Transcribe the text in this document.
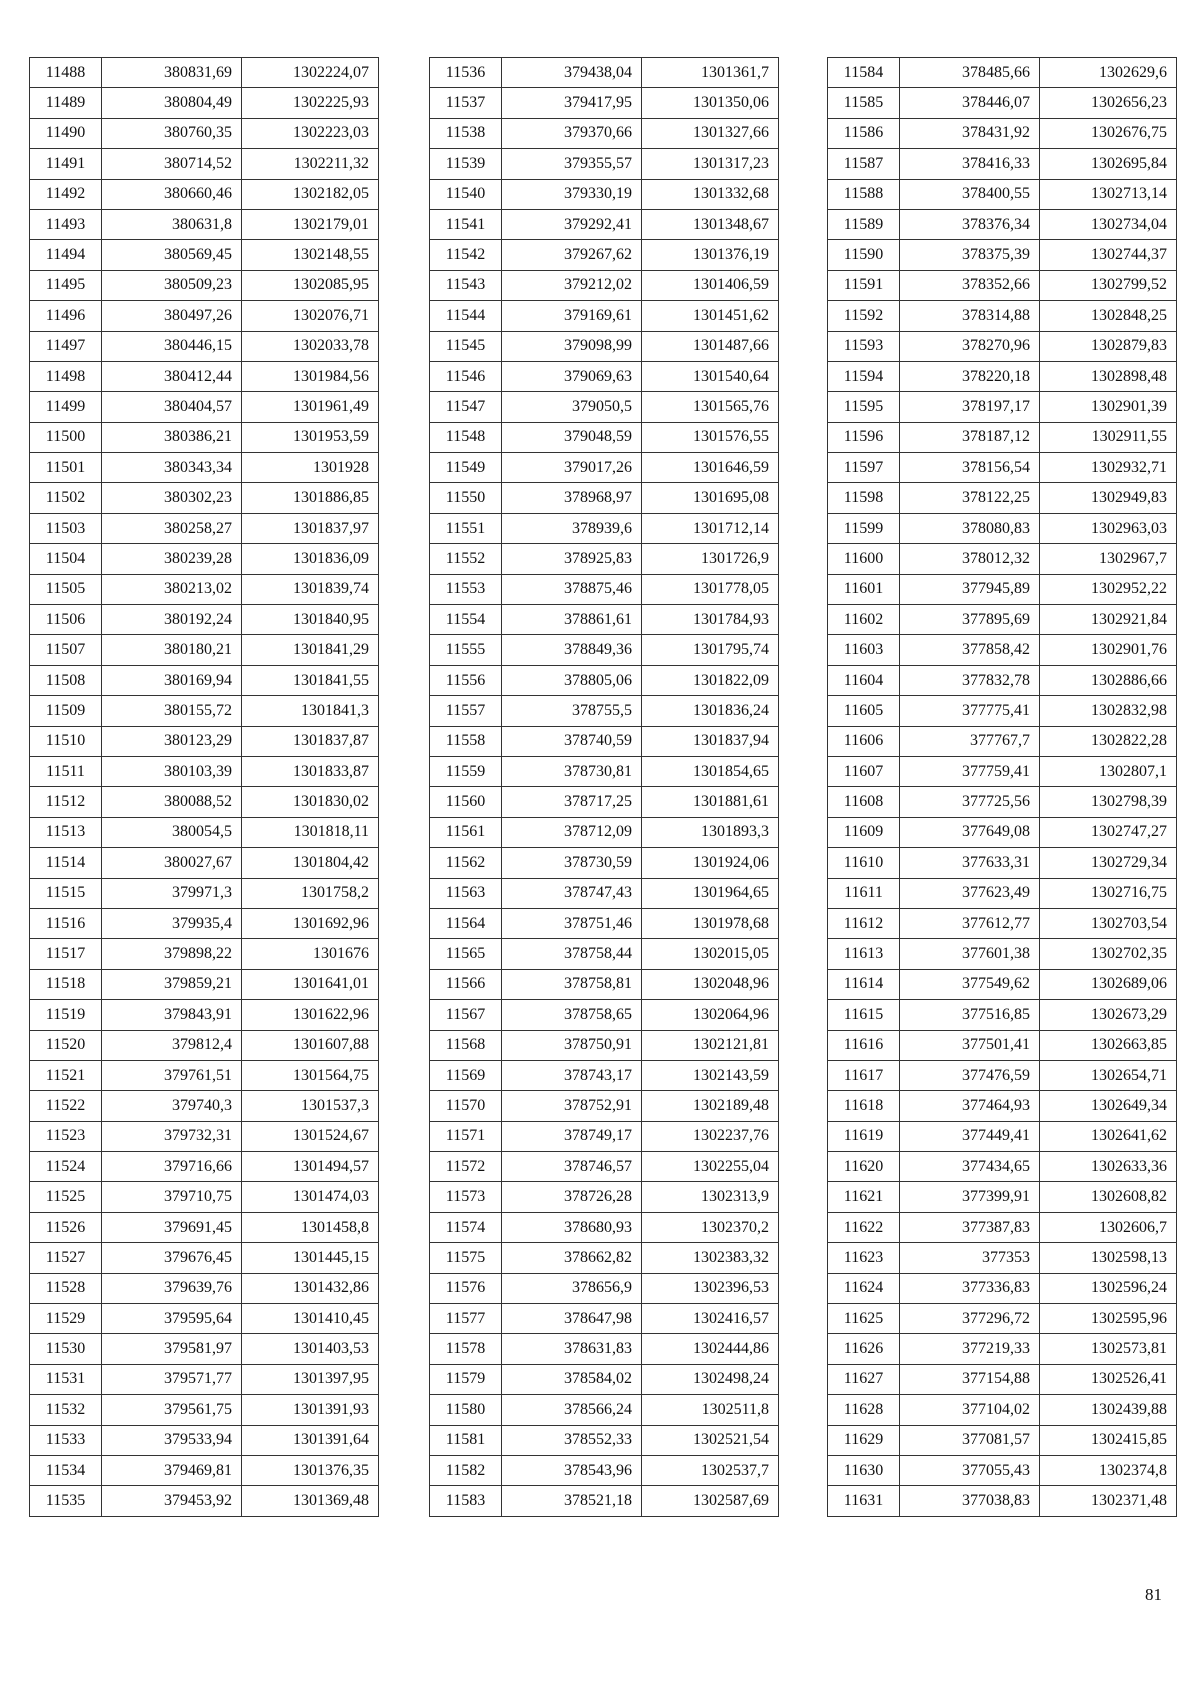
11488	380831,69	1302224,07
11489	380804,49	1302225,93
11490	380760,35	1302223,03
11491	380714,52	1302211,32
11492	380660,46	1302182,05
11493	380631,8	1302179,01
11494	380569,45	1302148,55
11495	380509,23	1302085,95
11496	380497,26	1302076,71
11497	380446,15	1302033,78
11498	380412,44	1301984,56
11499	380404,57	1301961,49
11500	380386,21	1301953,59
11501	380343,34	1301928
11502	380302,23	1301886,85
11503	380258,27	1301837,97
11504	380239,28	1301836,09
11505	380213,02	1301839,74
11506	380192,24	1301840,95
11507	380180,21	1301841,29
11508	380169,94	1301841,55
11509	380155,72	1301841,3
11510	380123,29	1301837,87
11511	380103,39	1301833,87
11512	380088,52	1301830,02
11513	380054,5	1301818,11
11514	380027,67	1301804,42
11515	379971,3	1301758,2
11516	379935,4	1301692,96
11517	379898,22	1301676
11518	379859,21	1301641,01
11519	379843,91	1301622,96
11520	379812,4	1301607,88
11521	379761,51	1301564,75
11522	379740,3	1301537,3
11523	379732,31	1301524,67
11524	379716,66	1301494,57
11525	379710,75	1301474,03
11526	379691,45	1301458,8
11527	379676,45	1301445,15
11528	379639,76	1301432,86
11529	379595,64	1301410,45
11530	379581,97	1301403,53
11531	379571,77	1301397,95
11532	379561,75	1301391,93
11533	379533,94	1301391,64
11534	379469,81	1301376,35
11535	379453,92	1301369,48
11536	379438,04	1301361,7
11537	379417,95	1301350,06
11538	379370,66	1301327,66
11539	379355,57	1301317,23
11540	379330,19	1301332,68
11541	379292,41	1301348,67
11542	379267,62	1301376,19
11543	379212,02	1301406,59
11544	379169,61	1301451,62
11545	379098,99	1301487,66
11546	379069,63	1301540,64
11547	379050,5	1301565,76
11548	379048,59	1301576,55
11549	379017,26	1301646,59
11550	378968,97	1301695,08
11551	378939,6	1301712,14
11552	378925,83	1301726,9
11553	378875,46	1301778,05
11554	378861,61	1301784,93
11555	378849,36	1301795,74
11556	378805,06	1301822,09
11557	378755,5	1301836,24
11558	378740,59	1301837,94
11559	378730,81	1301854,65
11560	378717,25	1301881,61
11561	378712,09	1301893,3
11562	378730,59	1301924,06
11563	378747,43	1301964,65
11564	378751,46	1301978,68
11565	378758,44	1302015,05
11566	378758,81	1302048,96
11567	378758,65	1302064,96
11568	378750,91	1302121,81
11569	378743,17	1302143,59
11570	378752,91	1302189,48
11571	378749,17	1302237,76
11572	378746,57	1302255,04
11573	378726,28	1302313,9
11574	378680,93	1302370,2
11575	378662,82	1302383,32
11576	378656,9	1302396,53
11577	378647,98	1302416,57
11578	378631,83	1302444,86
11579	378584,02	1302498,24
11580	378566,24	1302511,8
11581	378552,33	1302521,54
11582	378543,96	1302537,7
11583	378521,18	1302587,69
11584	378485,66	1302629,6
11585	378446,07	1302656,23
11586	378431,92	1302676,75
11587	378416,33	1302695,84
11588	378400,55	1302713,14
11589	378376,34	1302734,04
11590	378375,39	1302744,37
11591	378352,66	1302799,52
11592	378314,88	1302848,25
11593	378270,96	1302879,83
11594	378220,18	1302898,48
11595	378197,17	1302901,39
11596	378187,12	1302911,55
11597	378156,54	1302932,71
11598	378122,25	1302949,83
11599	378080,83	1302963,03
11600	378012,32	1302967,7
11601	377945,89	1302952,22
11602	377895,69	1302921,84
11603	377858,42	1302901,76
11604	377832,78	1302886,66
11605	377775,41	1302832,98
11606	377767,7	1302822,28
11607	377759,41	1302807,1
11608	377725,56	1302798,39
11609	377649,08	1302747,27
11610	377633,31	1302729,34
11611	377623,49	1302716,75
11612	377612,77	1302703,54
11613	377601,38	1302702,35
11614	377549,62	1302689,06
11615	377516,85	1302673,29
11616	377501,41	1302663,85
11617	377476,59	1302654,71
11618	377464,93	1302649,34
11619	377449,41	1302641,62
11620	377434,65	1302633,36
11621	377399,91	1302608,82
11622	377387,83	1302606,7
11623	377353	1302598,13
11624	377336,83	1302596,24
11625	377296,72	1302595,96
11626	377219,33	1302573,81
11627	377154,88	1302526,41
11628	377104,02	1302439,88
11629	377081,57	1302415,85
11630	377055,43	1302374,8
11631	377038,83	1302371,48
81
